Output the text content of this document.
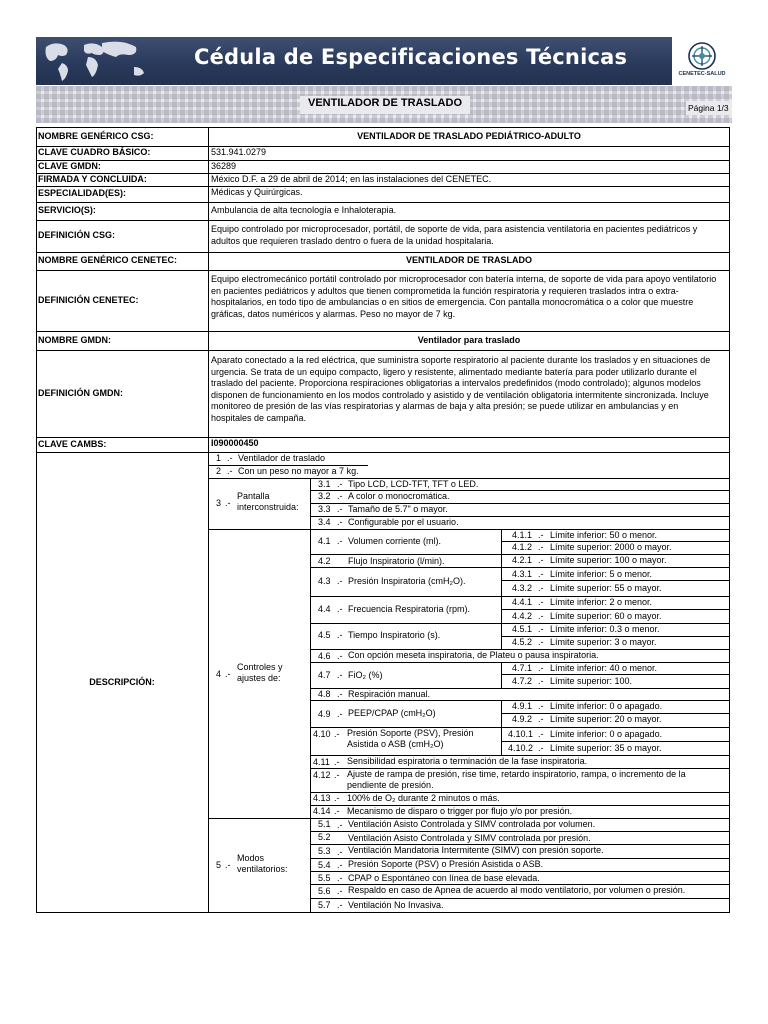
Cédula de Especificaciones Técnicas
CENETEC-SALUD
VENTILADOR DE TRASLADO	Página 1/3
NOMBRE GENÉRICO CSG:	VENTILADOR DE TRASLADO PEDIÁTRICO-ADULTO
CLAVE CUADRO BÁSICO:	531.941.0279
CLAVE GMDN:	36289
FIRMADA Y CONCLUIDA:	México D.F. a 29 de abril de 2014; en las instalaciones del CENETEC.
ESPECIALIDAD(ES):	Médicas y Quirúrgicas.
SERVICIO(S):	Ambulancia de alta tecnología e Inhaloterapia.
DEFINICIÓN CSG:
Equipo controlado por microprocesador, portátil, de soporte de vida, para asistencia ventilatoria en pacientes pediátricos y adultos que requieren traslado dentro o fuera de la unidad hospitalaria.
NOMBRE GENÉRICO CENETEC:	VENTILADOR DE TRASLADO
DEFINICIÓN CENETEC:
Equipo electromecánico portátil controlado por microprocesador con batería interna, de soporte de vida para apoyo ventilatorio en pacientes pediátricos y adultos que tienen comprometida la función respiratoria y requieren traslados intra o extra-hospitalarios, en todo tipo de ambulancias o en sitios de emergencia. Con pantalla monocromática o a color que muestre gráficas, datos numéricos y alarmas. Peso no mayor de 7 kg.
NOMBRE GMDN:	Ventilador para traslado
DEFINICIÓN GMDN:
Aparato conectado a la red eléctrica, que suministra soporte respiratorio al paciente durante los traslados y en situaciones de urgencia. Se trata de un equipo compacto, ligero y resistente, alimentado mediante batería para poder utilizarlo durante el traslado del paciente. Proporciona respiraciones obligatorias a intervalos predefinidos (modo controlado); algunos modelos disponen de funcionamiento en los modos controlado y asistido y de ventilación obligatoria intermitente sincronizada. Incluye monitoreo de presión de las vías respiratorias y alarmas de baja y alta presión; se puede utilizar en ambulancias y en hospitales de campaña.
CLAVE CAMBS:	I090000450
DESCRIPCIÓN:
1 .- Ventilador de traslado
2 .- Con un peso no mayor a 7 kg.
3 .-
Pantalla interconstruida:
3.1 .- Tipo LCD, LCD-TFT, TFT o LED.
3.2 .- A color o monocromática.
3.3 .- Tamaño de 5.7" o mayor.
3.4 .- Configurable por el usuario.
4 .-
Controles y ajustes de:
4.1 .- Volumen corriente (ml).
4.1.1 .- Límite inferior: 50 o menor.
4.1.2 .- Límite superior: 2000 o mayor.
4.2 Flujo Inspiratorio (l/min).	4.2.1 .- Límite superior: 100 o mayor.
4.3 .- Presión Inspiratoria (cmH₂O).
4.3.1 .- Límite inferior: 5 o menor.
4.3.2 .- Límite superior: 55 o mayor.
4.4 .- Frecuencia Respiratoria (rpm).
4.4.1 .- Límite inferior: 2 o menor.
4.4.2 .- Límite superior: 60 o mayor.
4.5 .- Tiempo Inspiratorio (s).
4.5.1 .- Límite inferior: 0.3 o menor.
4.5.2 .- Límite superior: 3 o mayor.
4.6 .- Con opción meseta inspiratoria, de Plateu o pausa inspiratoria.
4.7 .- FiO₂ (%)
4.7.1 .- Límite inferior: 40 o menor.
4.7.2 .- Límite superior: 100.
4.8 .- Respiración manual.
4.9 .- PEEP/CPAP (cmH₂O)
4.9.1 .- Límite inferior: 0 o apagado.
4.9.2 .- Límite superior: 20 o mayor.
4.10 .- Presión Soporte (PSV), Presión Asistida o ASB (cmH₂O)
4.10.1 .- Límite inferior: 0 o apagado.
4.10.2 .- Límite superior: 35 o mayor.
4.11 .- Sensibilidad espiratoria o terminación de la fase inspiratoria.
4.12 .- Ajuste de rampa de presión, rise time, retardo inspiratorio, rampa, o incremento de la pendiente de presión.
4.13 .- 100% de O₂ durante 2 minutos o más.
4.14 .- Mecanismo de disparo o trigger por flujo y/o por presión.
5 .-
Modos ventilatorios:
5.1 .- Ventilación Asisto Controlada y SIMV controlada por volumen.
5.2 Ventilación Asisto Controlada y SIMV controlada por presión.
5.3 .- Ventilación Mandatoria Intermitente (SIMV) con presión soporte.
5.4 .- Presión Soporte (PSV) o Presión Asistida o ASB.
5.5 .- CPAP o Espontáneo con línea de base elevada.
5.6 .- Respaldo en caso de Apnea de acuerdo al modo ventilatorio, por volumen o presión.
5.7 .- Ventilación No Invasiva.
